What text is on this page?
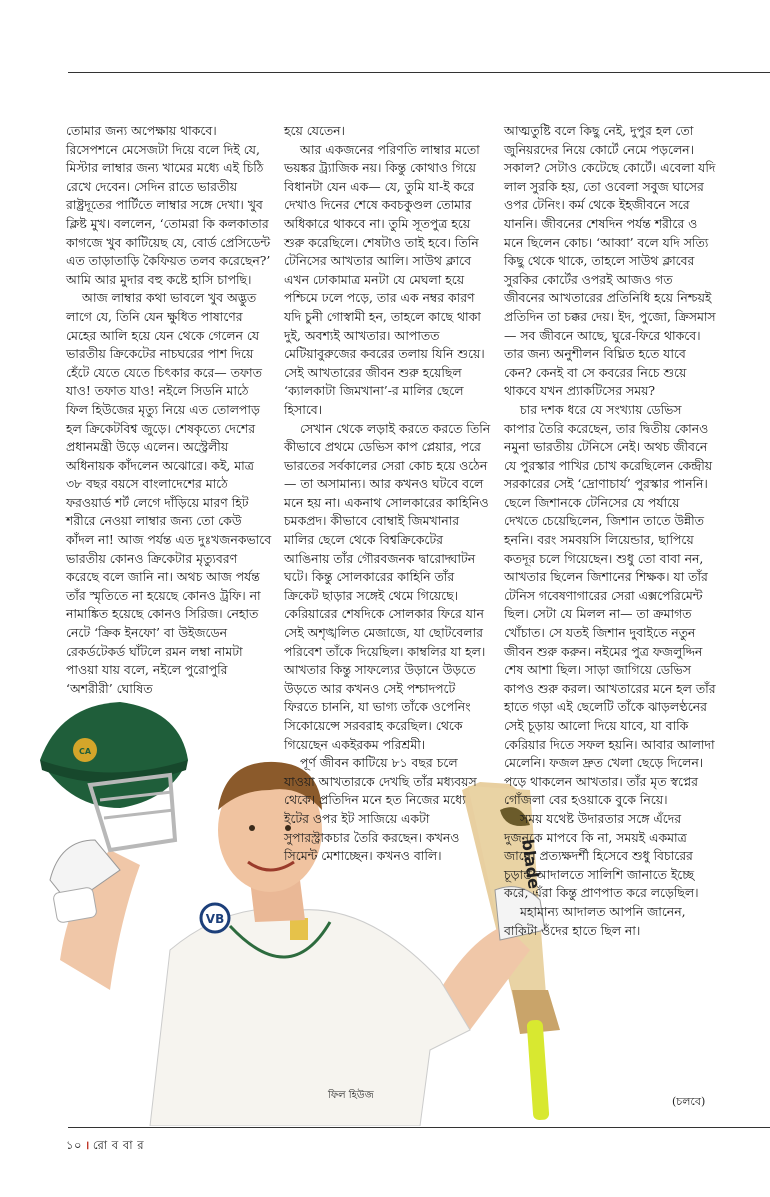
blade
VB
CA

তোমার জন্য অপেক্ষায় থাকবে। রিসেপশনে মেসেজটা দিয়ে বলে দিই যে, মিস্টার লাম্বার জন্য খামের মধ্যে এই চিঠি রেখে দেবেন। সেদিন রাতে ভারতীয় রাষ্ট্রদূতের পার্টিতে লাম্বার সঙ্গে দেখা। খুব ক্লিষ্ট মুখ। বললেন, ‘তোমরা কি কলকাতার কাগজে খুব কাটিয়েছ যে, বোর্ড প্রেসিডেন্ট এত তাড়াতাড়ি কৈফিয়ত তলব করেছেন?’ আমি আর মুদার বহু কষ্টে হাসি চাপছি।

আজ লাম্বার কথা ভাবলে খুব অদ্ভুত লাগে যে, তিনি যেন ক্ষুধিত পাষাণের মেহের আলি হয়ে যেন থেকে গেলেন যে ভারতীয় ক্রিকেটের নাচঘরের পাশ দিয়ে হেঁটে যেতে যেতে চিৎকার করে— তফাত যাও! তফাত যাও! নইলে সিডনি মাঠে ফিল হিউজের মৃত্যু নিয়ে এত তোলপাড় হল ক্রিকেটবিশ্ব জুড়ে। শেষকৃত্যে দেশের প্রধানমন্ত্রী উড়ে এলেন। অস্ট্রেলীয় অধিনায়ক কাঁদলেন অঝোরে। কই, মাত্র ৩৮ বছর বয়সে বাংলাদেশের মাঠে ফরওয়ার্ড শর্ট লেগে দাঁড়িয়ে মারণ হিট শরীরে নেওয়া লাম্বার জন্য তো কেউ কাঁদল না! আজ পর্যন্ত এত দুঃখজনকভাবে ভারতীয় কোনও ক্রিকেটার মৃত্যুবরণ করেছে বলে জানি না। অথচ আজ পর্যন্ত তাঁর স্মৃতিতে না হয়েছে কোনও ট্রফি। না নামাঙ্কিত হয়েছে কোনও সিরিজ। নেহাত নেটে ‘ক্রিক ইনফো’ বা উইজডেন রেকর্ডটেকর্ড ঘাঁটলে রমন লম্বা নামটা পাওয়া যায় বলে, নইলে পুরোপুরি ‘অশরীরী’ ঘোষিত

হয়ে যেতেন।

আর একজনের পরিণতি লাম্বার মতো ভয়ঙ্কর ট্র্যাজিক নয়। কিন্তু কোথাও গিয়ে বিধানটা যেন এক— যে, তুমি যা-ই করে দেখাও দিনের শেষে কবচকুণ্ডল তোমার অধিকারে থাকবে না। তুমি সূতপুত্র হয়ে শুরু করেছিলে। শেষটাও তাই হবে। তিনি টেনিসের আখতার আলি। সাউথ ক্লাবে এখন ঢোকামাত্র মনটা যে মেঘলা হয়ে পশ্চিমে ঢলে পড়ে, তার এক নম্বর কারণ যদি চুনী গোস্বামী হন, তাহলে কাছে থাকা দুই, অবশ্যই আখতার। আপাতত মেটিয়াবুরুজের কবরের তলায় যিনি শুয়ে। সেই আখতারের জীবন শুরু হয়েছিল ‘ক্যালকাটা জিমখানা’-র মালির ছেলে হিসাবে।

সেখান থেকে লড়াই করতে করতে তিনি কীভাবে প্রথমে ডেভিস কাপ প্লেয়ার, পরে ভারতের সর্বকালের সেরা কোচ হয়ে ওঠেন— তা অসামান্য। আর কখনও ঘটবে বলে মনে হয় না। একনাথ সোলকারের কাহিনিও চমকপ্রদ। কীভাবে বোম্বাই জিমখানার মালির ছেলে থেকে বিশ্বক্রিকেটের আঙিনায় তাঁর গৌরবজনক দ্বারোদ্ঘাটন ঘটে। কিন্তু সোলকারের কাহিনি তাঁর ক্রিকেট ছাড়ার সঙ্গেই থেমে গিয়েছে। কেরিয়ারের শেষদিকে সোলকার ফিরে যান সেই অশৃঙ্খলিত মেজাজে, যা ছোটবেলার পরিবেশ তাঁকে দিয়েছিল। কাম্বলির যা হল। আখতার কিন্তু সাফল্যের উড়ানে উড়তে উড়তে আর কখনও সেই পশ্চাদপটে ফিরতে চাননি, যা ভাগ্য তাঁকে ওপেনিং সিকোয়েন্সে সরবরাহ করেছিল। থেকে গিয়েছেন একইরকম পরিশ্রমী।

পূর্ণ জীবন কাটিয়ে ৮১ বছর চলে যাওয়া আখতারকে দেখছি তাঁর মধ্যবয়স থেকে। প্রতিদিন মনে হত নিজের মধ্যে ইটের ওপর ইট সাজিয়ে একটা সুপারস্ট্রাকচার তৈরি করছেন। কখনও সিমেন্ট মেশাচ্ছেন। কখনও বালি।

আত্মতুষ্টি বলে কিছু নেই, দুপুর হল তো জুনিয়রদের নিয়ে কোর্টে নেমে পড়লেন। সকাল? সেটাও কেটেছে কোর্টে। এবেলা যদি লাল সুরকি হয়, তো ওবেলা সবুজ ঘাসের ওপর টেনিং। কর্ম থেকে ইহজীবনে সরে যাননি। জীবনের শেষদিন পর্যন্ত শরীরে ও মনে ছিলেন কোচ। ‘আব্বা’ বলে যদি সত্যি কিছু থেকে থাকে, তাহলে সাউথ ক্লাবের সুরকির কোর্টের ওপরই আজও গত জীবনের আখতারের প্রতিনিধি হয়ে নিশ্চয়ই প্রতিদিন তা চক্কর দেয়। ইদ, পুজো, ক্রিসমাস— সব জীবনে আছে, ঘুরে-ফিরে থাকবে। তার জন্য অনুশীলন বিঘ্নিত হতে যাবে কেন? কেনই বা সে কবরের নিচে শুয়ে থাকবে যখন প্র্যাকটিসের সময়?

চার দশক ধরে যে সংখ্যায় ডেভিস কাপার তৈরি করেছেন, তার দ্বিতীয় কোনও নমুনা ভারতীয় টেনিসে নেই। অথচ জীবনে যে পুরস্কার পাখির চোখ করেছিলেন কেন্দ্রীয় সরকারের সেই ‘দ্রোণাচার্য’ পুরস্কার পাননি। ছেলে জিশানকে টেনিসের যে পর্যায়ে দেখতে চেয়েছিলেন, জিশান তাতে উন্নীত হননি। বরং সমবয়সি লিয়েন্ডার, ছাপিয়ে কতদূর চলে গিয়েছেন। শুধু তো বাবা নন, আখতার ছিলেন জিশানের শিক্ষক। যা তাঁর টেনিস গবেষণাগারের সেরা এক্সপেরিমেন্ট ছিল। সেটা যে মিলল না— তা ক্রমাগত খোঁচাত। সে যতই জিশান দুবাইতে নতুন জীবন শুরু করুন। নইমের পুত্র ফজলুদ্দিন শেষ আশা ছিল। সাড়া জাগিয়ে ডেভিস কাপও শুরু করল। আখতারের মনে হল তাঁর হাতে গড়া এই ছেলেটি তাঁকে ঝাড়লণ্ঠনের সেই চূড়ায় আলো দিয়ে যাবে, যা বাকি কেরিয়ার দিতে সফল হয়নি। আবার আলাদা মেলেনি। ফজল দ্রুত খেলা ছেড়ে দিলেন। পড়ে থাকলেন আখতার। তাঁর মৃত স্বপ্নের গোঁজলা বের হওয়াকে বুকে নিয়ে।

সময় যথেষ্ট উদারতার সঙ্গে এঁদের দুজনকে মাপবে কি না, সময়ই একমাত্র জানে। প্রত্যক্ষদর্শী হিসেবে শুধু বিচারের চূড়ান্ত আদালতে সালিশি জানাতে ইচ্ছে করে, এঁরা কিন্তু প্রাণপাত করে লড়েছিল।

মহামান্য আদালত আপনি জানেন, বাকিটা ওঁদের হাতে ছিল না।

ফিল হিউজ	(চলবে)
১০ । রো ব বা র
